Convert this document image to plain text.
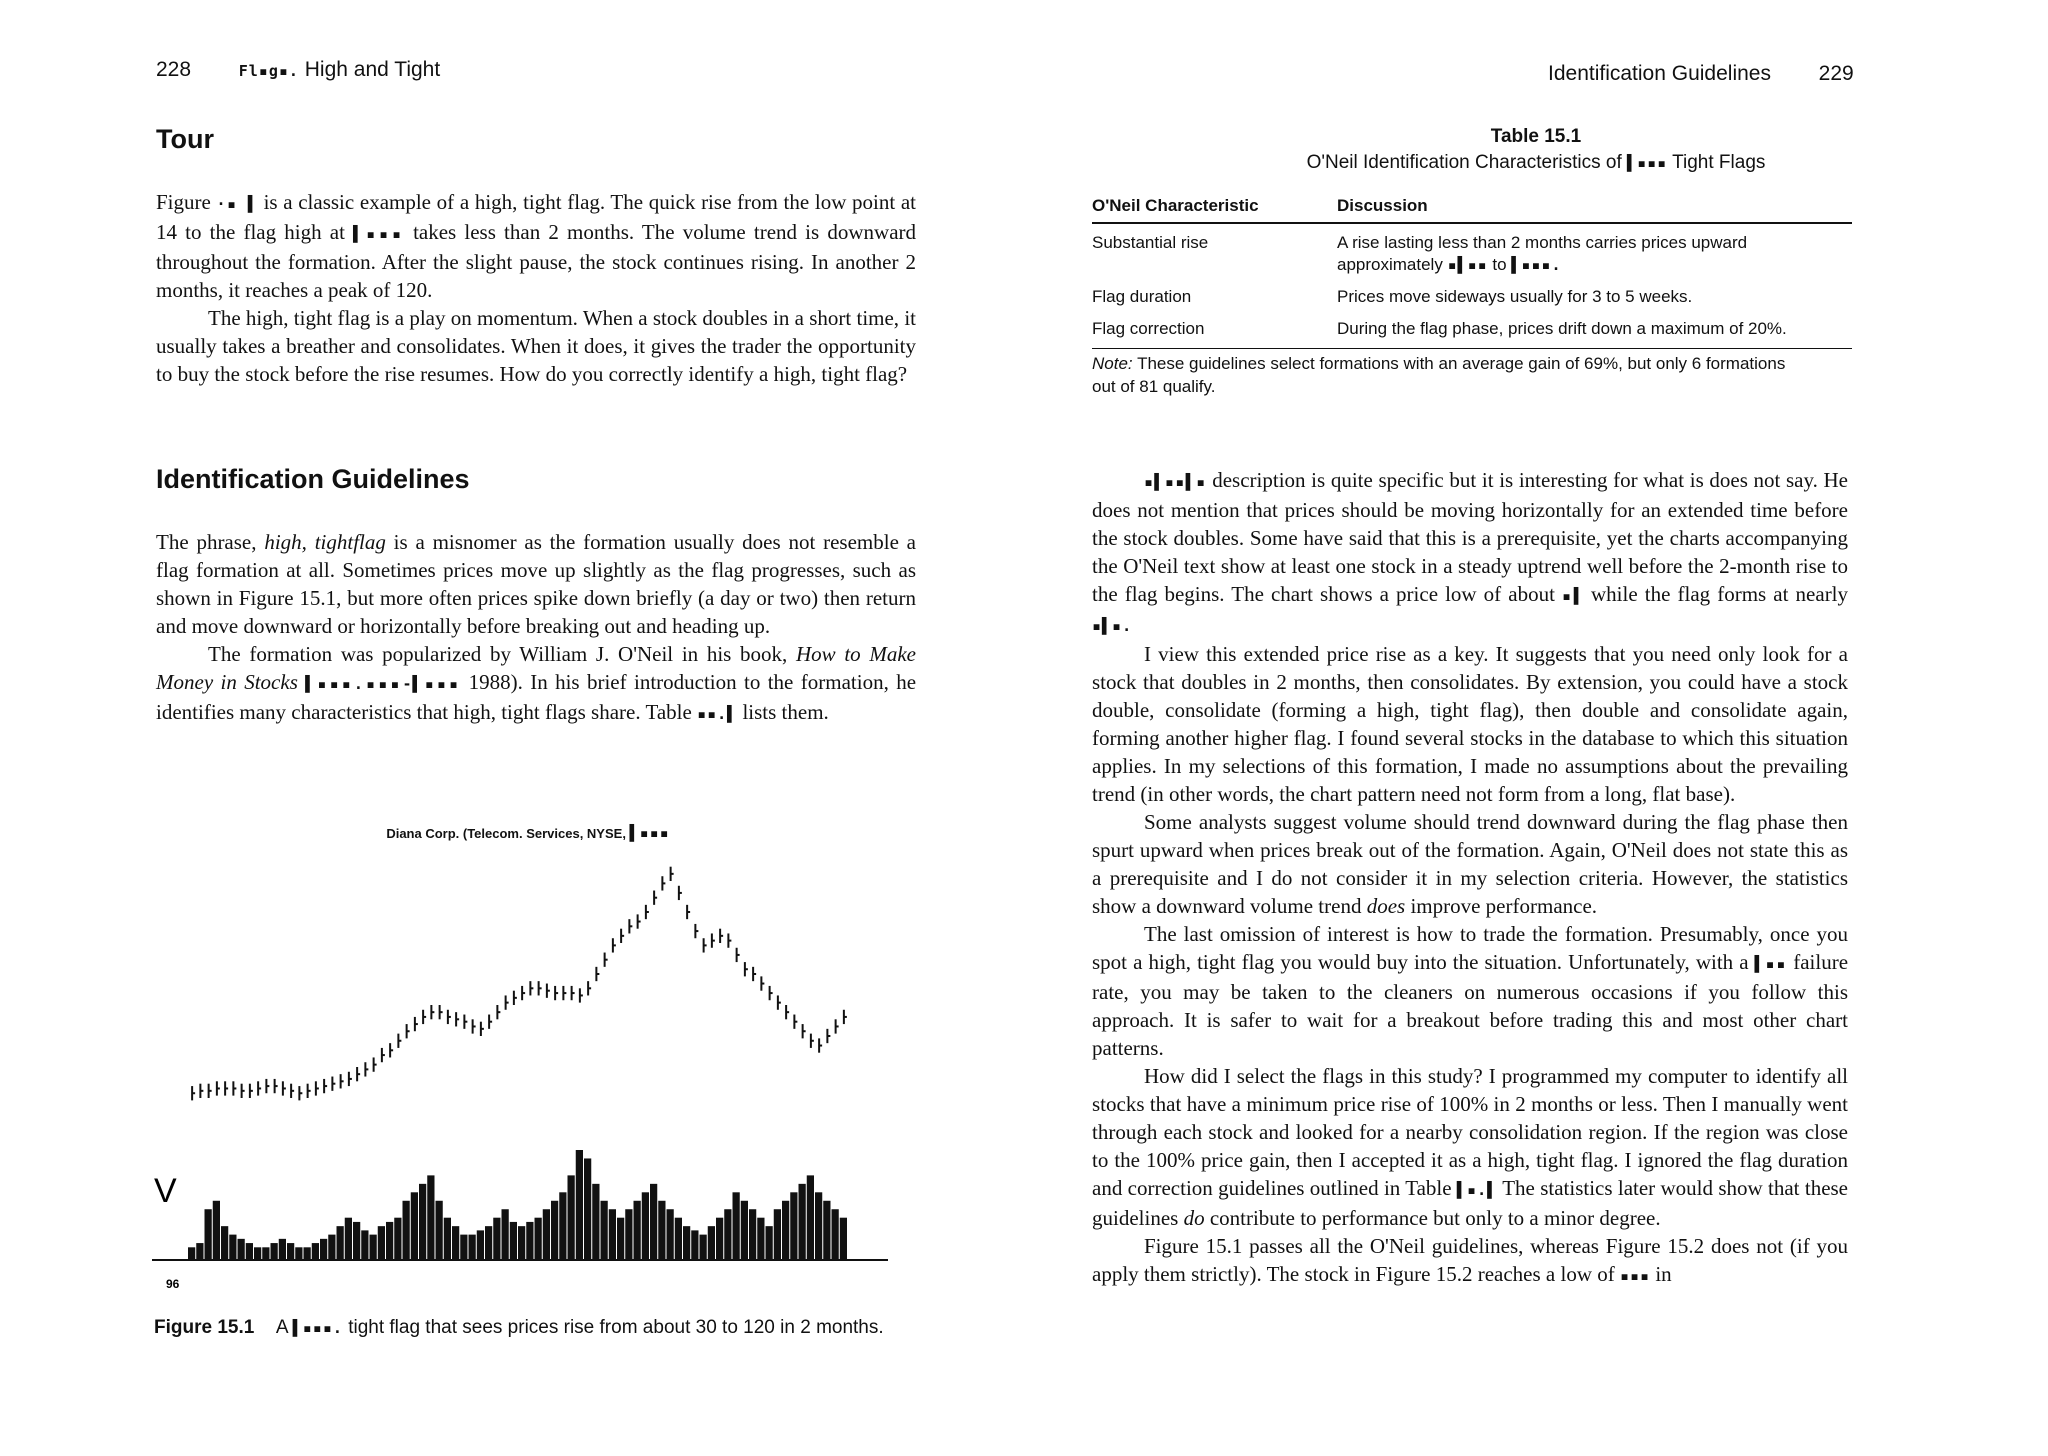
228	Fl▪g▪. High and Tight
Tour

Figure ·▪ ▌ is a classic example of a high, tight flag. The quick rise from the low point at 14 to the flag high at ▌▪▪▪ takes less than 2 months. The volume trend is downward throughout the formation. After the slight pause, the stock continues rising. In another 2 months, it reaches a peak of 120.

The high, tight flag is a play on momentum. When a stock doubles in a short time, it usually takes a breather and consolidates. When it does, it gives the trader the opportunity to buy the stock before the rise resumes. How do you correctly identify a high, tight flag?

Identification Guidelines

The phrase, high, tightflag is a misnomer as the formation usually does not resemble a flag formation at all. Sometimes prices move up slightly as the flag progresses, such as shown in Figure 15.1, but more often prices spike down briefly (a day or two) then return and move downward or horizontally before breaking out and heading up.

The formation was popularized by William J. O'Neil in his book, How to Make Money in Stocks ▌▪▪▪.▪▪▪-▌▪▪▪ 1988). In his brief introduction to the formation, he identifies many characteristics that high, tight flags share. Table ▪▪.▌ lists them.

Diana Corp. (Telecom. Services, NYSE, ▌▪▪▪
V
96
Figure 15.1 A ▌▪▪▪. tight flag that sees prices rise from about 30 to 120 in 2 months.
Identification Guidelines 229
Table 15.1
O'Neil Identification Characteristics of ▌▪▪▪ Tight Flags
O'Neil Characteristic	Discussion
Substantial rise	A rise lasting less than 2 months carries prices upward approximately ▪▌▪▪ to ▌▪▪▪.
Flag duration	Prices move sideways usually for 3 to 5 weeks.
Flag correction	During the flag phase, prices drift down a maximum of 20%.
Note: These guidelines select formations with an average gain of 69%, but only 6 formations out of 81 qualify.

▪▌▪▪▌▪ description is quite specific but it is interesting for what is does not say. He does not mention that prices should be moving horizontally for an extended time before the stock doubles. Some have said that this is a prerequisite, yet the charts accompanying the O'Neil text show at least one stock in a steady uptrend well before the 2-month rise to the flag begins. The chart shows a price low of about ▪▌ while the flag forms at nearly ▪▌▪.

I view this extended price rise as a key. It suggests that you need only look for a stock that doubles in 2 months, then consolidates. By extension, you could have a stock double, consolidate (forming a high, tight flag), then double and consolidate again, forming another higher flag. I found several stocks in the database to which this situation applies. In my selections of this formation, I made no assumptions about the prevailing trend (in other words, the chart pattern need not form from a long, flat base).

Some analysts suggest volume should trend downward during the flag phase then spurt upward when prices break out of the formation. Again, O'Neil does not state this as a prerequisite and I do not consider it in my selection criteria. However, the statistics show a downward volume trend does improve performance.

The last omission of interest is how to trade the formation. Presumably, once you spot a high, tight flag you would buy into the situation. Unfortunately, with a ▌▪▪ failure rate, you may be taken to the cleaners on numerous occasions if you follow this approach. It is safer to wait for a breakout before trading this and most other chart patterns.

How did I select the flags in this study? I programmed my computer to identify all stocks that have a minimum price rise of 100% in 2 months or less. Then I manually went through each stock and looked for a nearby consolidation region. If the region was close to the 100% price gain, then I accepted it as a high, tight flag. I ignored the flag duration and correction guidelines outlined in Table ▌▪.▌ The statistics later would show that these guidelines do contribute to performance but only to a minor degree.

Figure 15.1 passes all the O'Neil guidelines, whereas Figure 15.2 does not (if you apply them strictly). The stock in Figure 15.2 reaches a low of ▪▪▪ in
